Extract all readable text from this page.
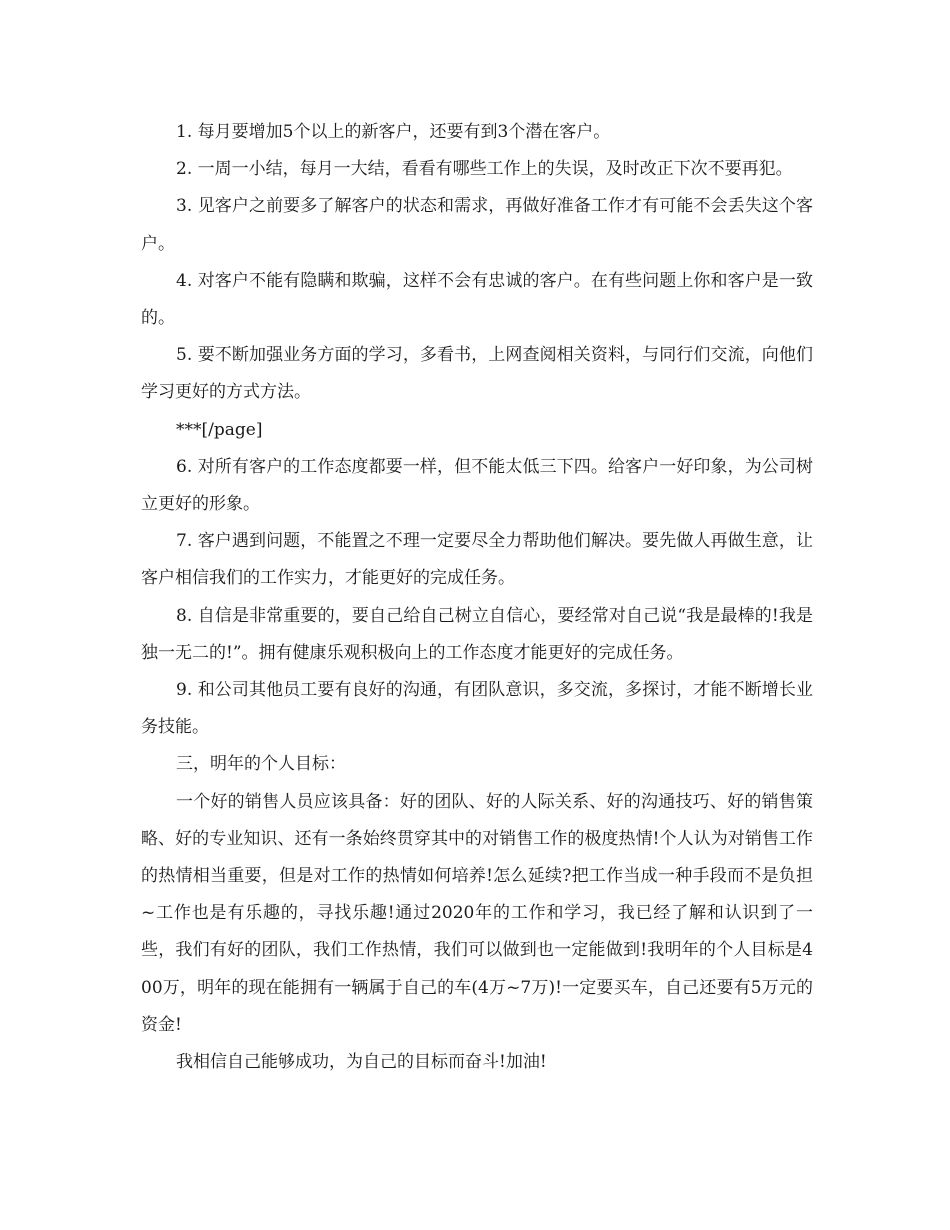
1. 每月要增加5个以上的新客户，还要有到3个潜在客户。

2. 一周一小结，每月一大结，看看有哪些工作上的失误，及时改正下次不要再犯。

3. 见客户之前要多了解客户的状态和需求，再做好准备工作才有可能不会丢失这个客户。

4. 对客户不能有隐瞒和欺骗，这样不会有忠诚的客户。在有些问题上你和客户是一致的。

5. 要不断加强业务方面的学习，多看书，上网查阅相关资料，与同行们交流，向他们学习更好的方式方法。

***[/page]

6. 对所有客户的工作态度都要一样，但不能太低三下四。给客户一好印象，为公司树立更好的形象。

7. 客户遇到问题，不能置之不理一定要尽全力帮助他们解决。要先做人再做生意，让客户相信我们的工作实力，才能更好的完成任务。

8. 自信是非常重要的，要自己给自己树立自信心，要经常对自己说“我是最棒的!我是独一无二的!”。拥有健康乐观积极向上的工作态度才能更好的完成任务。

9. 和公司其他员工要有良好的沟通，有团队意识，多交流，多探讨，才能不断增长业务技能。

三，明年的个人目标：

一个好的销售人员应该具备：好的团队、好的人际关系、好的沟通技巧、好的销售策略、好的专业知识、还有一条始终贯穿其中的对销售工作的极度热情!个人认为对销售工作的热情相当重要，但是对工作的热情如何培养!怎么延续?把工作当成一种手段而不是负担~工作也是有乐趣的，寻找乐趣!通过2020年的工作和学习，我已经了解和认识到了一些，我们有好的团队，我们工作热情，我们可以做到也一定能做到!我明年的个人目标是400万，明年的现在能拥有一辆属于自己的车(4万~7万)!一定要买车，自己还要有5万元的资金!

我相信自己能够成功，为自己的目标而奋斗!加油!
